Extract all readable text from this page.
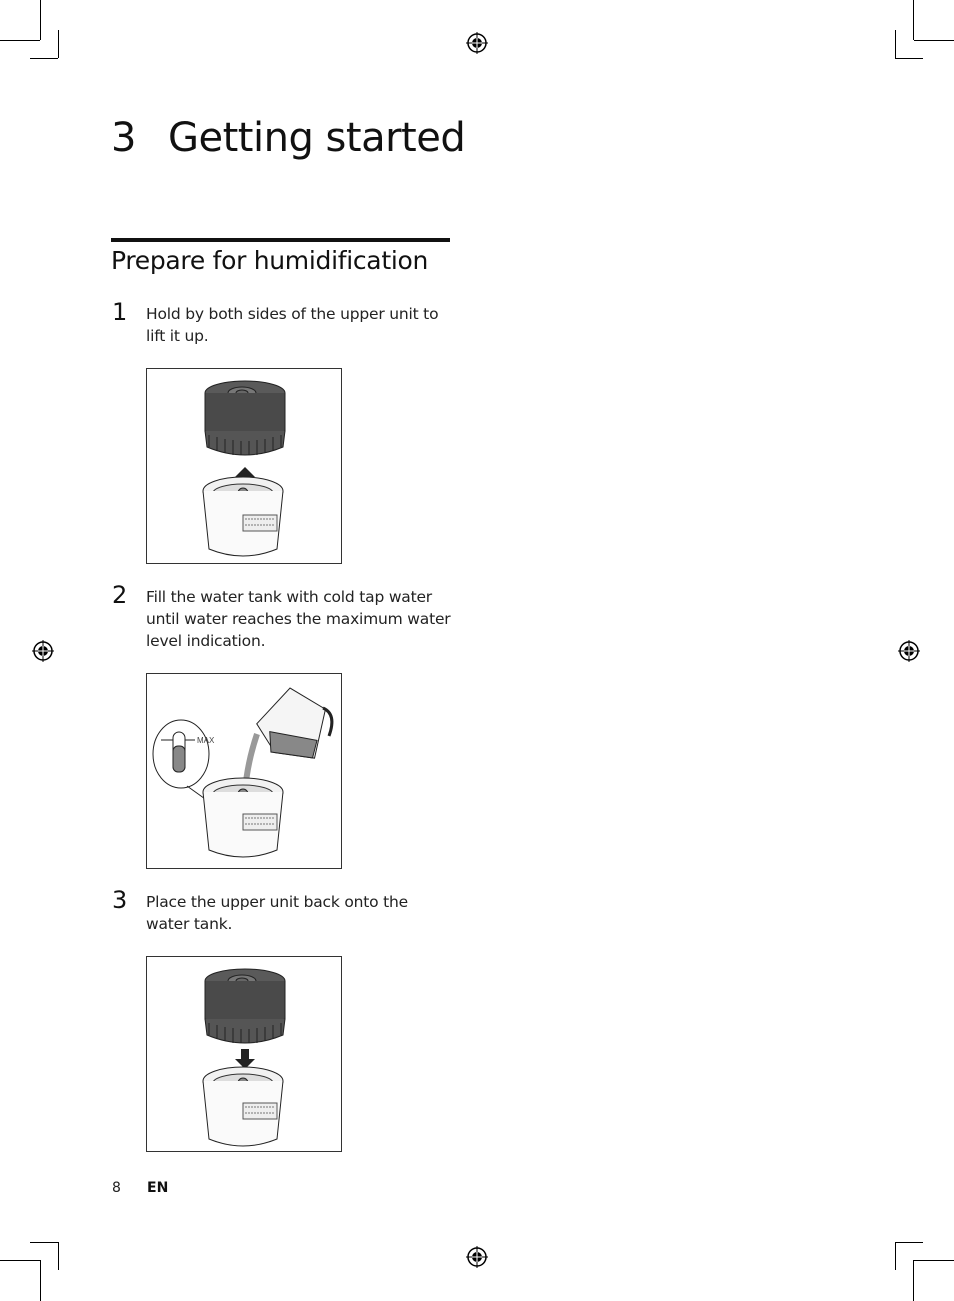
3 Getting started
Prepare for humidification
1 Hold by both sides of the upper unit to lift it up.
2 Fill the water tank with cold tap water until water reaches the maximum water level indication.
MAX
3 Place the upper unit back onto the water tank.
8 EN
